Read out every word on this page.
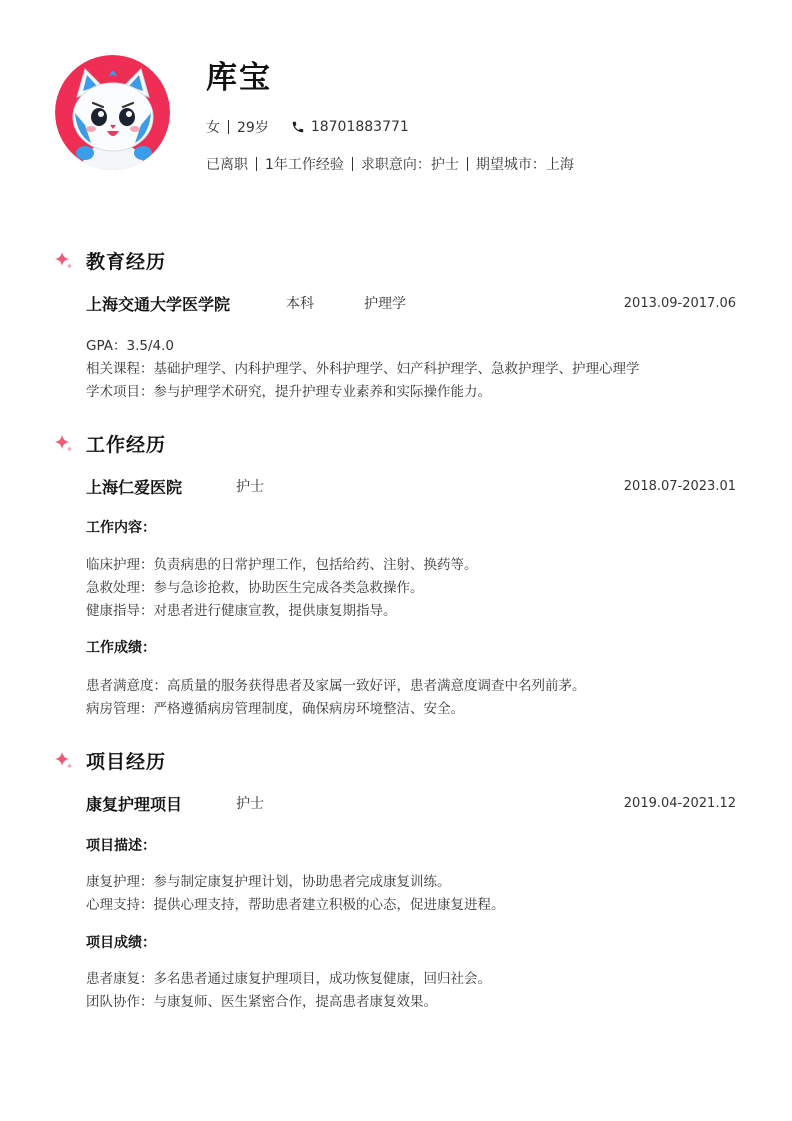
库宝
女 29岁	18701883771
已离职 1年工作经验 求职意向：护士 期望城市：上海
教育经历
上海交通大学医学院	本科	护理学	2013.09-2017.06
GPA：3.5/4.0
相关课程：基础护理学、内科护理学、外科护理学、妇产科护理学、急救护理学、护理心理学
学术项目：参与护理学术研究，提升护理专业素养和实际操作能力。
工作经历
上海仁爱医院	护士	2018.07-2023.01
工作内容：
临床护理：负责病患的日常护理工作，包括给药、注射、换药等。
急救处理：参与急诊抢救，协助医生完成各类急救操作。
健康指导：对患者进行健康宣教，提供康复期指导。
工作成绩：
患者满意度：高质量的服务获得患者及家属一致好评，患者满意度调查中名列前茅。
病房管理：严格遵循病房管理制度，确保病房环境整洁、安全。
项目经历
康复护理项目	护士	2019.04-2021.12
项目描述：
康复护理：参与制定康复护理计划，协助患者完成康复训练。
心理支持：提供心理支持，帮助患者建立积极的心态，促进康复进程。
项目成绩：
患者康复：多名患者通过康复护理项目，成功恢复健康，回归社会。
团队协作：与康复师、医生紧密合作，提高患者康复效果。
